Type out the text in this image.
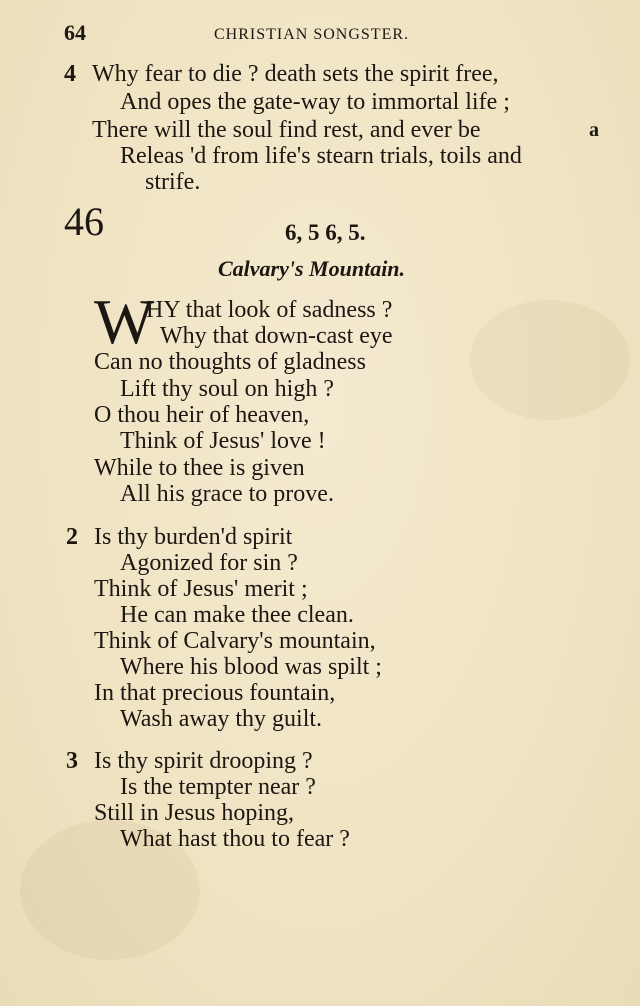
64	CHRISTIAN SONGSTER.
4 Why fear to die ? death sets the spirit free,
And opes the gate-way to immortal life ;
There will the soul find rest, and ever be	a
Releas 'd from life's stearn trials, toils and
strife.
46	6, 5 6, 5.
Calvary's Mountain.
W
HY that look of sadness ?
Why that down-cast eye
Can no thoughts of gladness
Lift thy soul on high ?
O thou heir of heaven,
Think of Jesus' love !
While to thee is given
All his grace to prove.
2 Is thy burden'd spirit
Agonized for sin ?
Think of Jesus' merit ;
He can make thee clean.
Think of Calvary's mountain,
Where his blood was spilt ;
In that precious fountain,
Wash away thy guilt.
3 Is thy spirit drooping ?
Is the tempter near ?
Still in Jesus hoping,
What hast thou to fear ?
